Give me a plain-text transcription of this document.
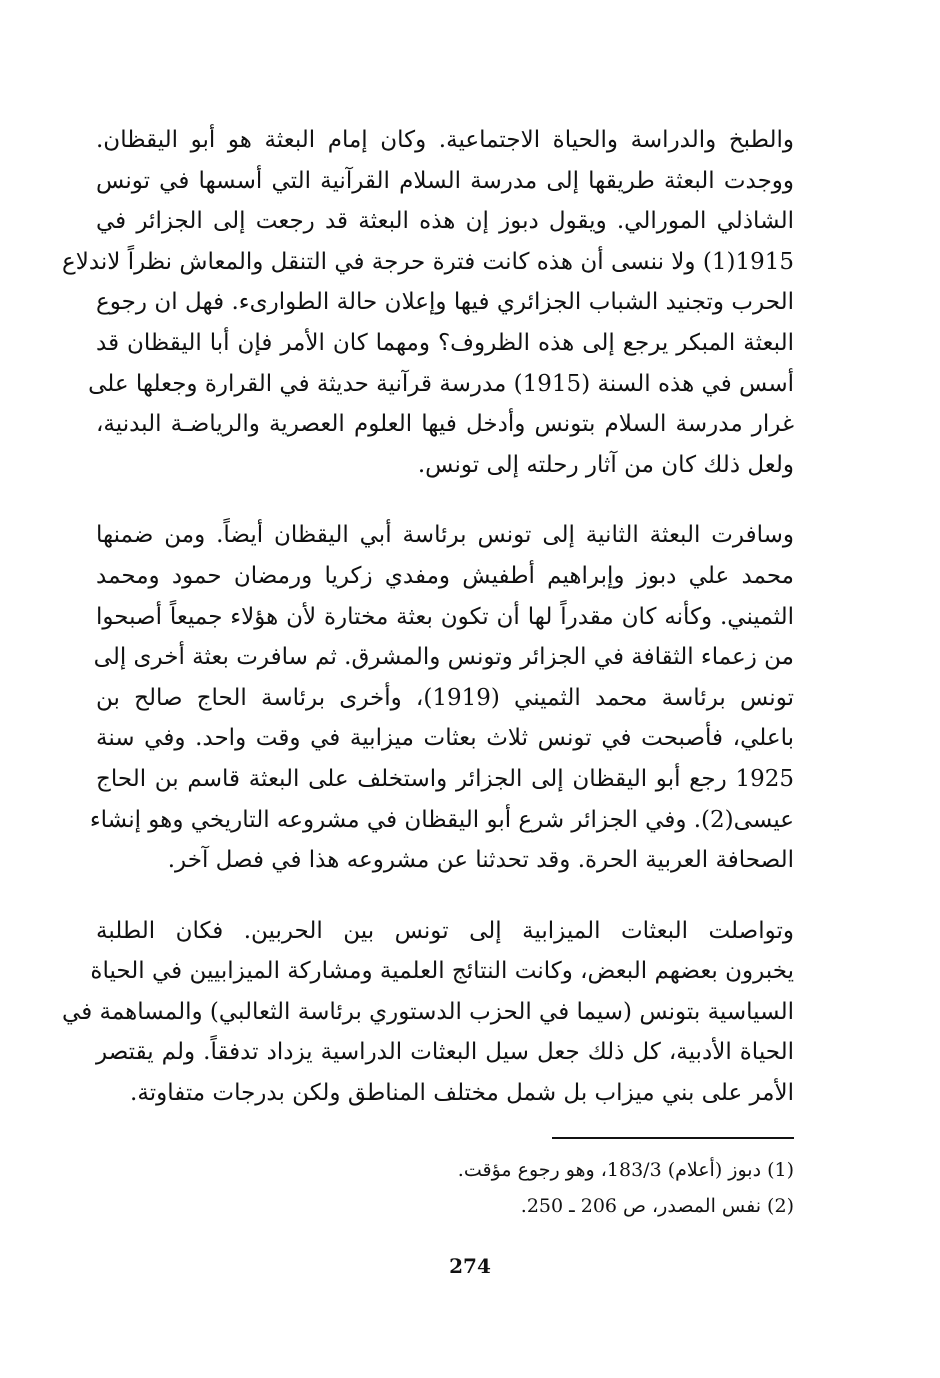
والطبخ والدراسة والحياة الاجتماعية. وكان إمام البعثة هو أبو اليقظان.
ووجدت البعثة طريقها إلى مدرسة السلام القرآنية التي أسسها في تونس
الشاذلي المورالي. ويقول دبوز إن هذه البعثة قد رجعت إلى الجزائر في
1915(1) ولا ننسى أن هذه كانت فترة حرجة في التنقل والمعاش نظراً لاندلاع
الحرب وتجنيد الشباب الجزائري فيها وإعلان حالة الطوارىء. فهل ان رجوع
البعثة المبكر يرجع إلى هذه الظروف؟ ومهما كان الأمر فإن أبا اليقظان قد
أسس في هذه السنة (1915) مدرسة قرآنية حديثة في القرارة وجعلها على
غرار مدرسة السلام بتونس وأدخل فيها العلوم العصرية والرياضـة البدنية،
ولعل ذلك كان من آثار رحلته إلى تونس.
وسافرت البعثة الثانية إلى تونس برئاسة أبي اليقظان أيضاً. ومن ضمنها
محمد علي دبوز وإبراهيم أطفيش ومفدي زكريا ورمضان حمود ومحمد
الثميني. وكأنه كان مقدراً لها أن تكون بعثة مختارة لأن هؤلاء جميعاً أصبحوا
من زعماء الثقافة في الجزائر وتونس والمشرق. ثم سافرت بعثة أخرى إلى
تونس برئاسة محمد الثميني (1919)، وأخرى برئاسة الحاج صالح بن
باعلي، فأصبحت في تونس ثلاث بعثات ميزابية في وقت واحد. وفي سنة
1925 رجع أبو اليقظان إلى الجزائر واستخلف على البعثة قاسم بن الحاج
عيسى(2). وفي الجزائر شرع أبو اليقظان في مشروعه التاريخي وهو إنشاء
الصحافة العربية الحرة. وقد تحدثنا عن مشروعه هذا في فصل آخر.
وتواصلت البعثات الميزابية إلى تونس بين الحربين. فكان الطلبة
يخبرون بعضهم البعض، وكانت النتائج العلمية ومشاركة الميزابيين في الحياة
السياسية بتونس (سيما في الحزب الدستوري برئاسة الثعالبي) والمساهمة في
الحياة الأدبية، كل ذلك جعل سيل البعثات الدراسية يزداد تدفقاً. ولم يقتصر
الأمر على بني ميزاب بل شمل مختلف المناطق ولكن بدرجات متفاوتة.
(1) دبوز (أعلام) 183/3، وهو رجوع مؤقت.
(2) نفس المصدر، ص 206 ـ 250.
274
